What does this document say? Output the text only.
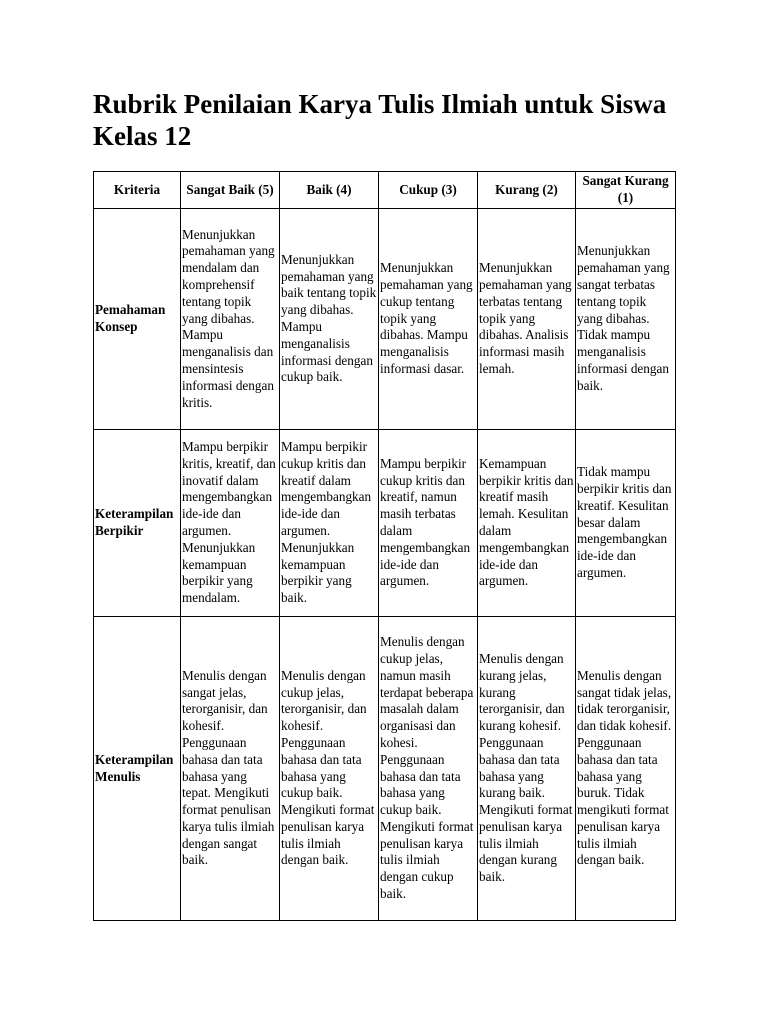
Rubrik Penilaian Karya Tulis Ilmiah untuk Siswa Kelas 12
Kriteria	Sangat Baik (5)	Baik (4)	Cukup (3)	Kurang (2)	Sangat Kurang (1)
Pemahaman Konsep	Menunjukkan pemahaman yang mendalam dan komprehensif tentang topik yang dibahas. Mampu menganalisis dan mensintesis informasi dengan kritis.	Menunjukkan pemahaman yang baik tentang topik yang dibahas. Mampu menganalisis informasi dengan cukup baik.	Menunjukkan pemahaman yang cukup tentang topik yang dibahas. Mampu menganalisis informasi dasar.	Menunjukkan pemahaman yang terbatas tentang topik yang dibahas. Analisis informasi masih lemah.	Menunjukkan pemahaman yang sangat terbatas tentang topik yang dibahas. Tidak mampu menganalisis informasi dengan baik.
Keterampilan Berpikir	Mampu berpikir kritis, kreatif, dan inovatif dalam mengembangkan ide-ide dan argumen. Menunjukkan kemampuan berpikir yang mendalam.	Mampu berpikir cukup kritis dan kreatif dalam mengembangkan ide-ide dan argumen. Menunjukkan kemampuan berpikir yang baik.	Mampu berpikir cukup kritis dan kreatif, namun masih terbatas dalam mengembangkan ide-ide dan argumen.	Kemampuan berpikir kritis dan kreatif masih lemah. Kesulitan dalam mengembangkan ide-ide dan argumen.	Tidak mampu berpikir kritis dan kreatif. Kesulitan besar dalam mengembangkan ide-ide dan argumen.
Keterampilan Menulis	Menulis dengan sangat jelas, terorganisir, dan kohesif. Penggunaan bahasa dan tata bahasa yang tepat. Mengikuti format penulisan karya tulis ilmiah dengan sangat baik.	Menulis dengan cukup jelas, terorganisir, dan kohesif. Penggunaan bahasa dan tata bahasa yang cukup baik. Mengikuti format penulisan karya tulis ilmiah dengan baik.	Menulis dengan cukup jelas, namun masih terdapat beberapa masalah dalam organisasi dan kohesi. Penggunaan bahasa dan tata bahasa yang cukup baik. Mengikuti format penulisan karya tulis ilmiah dengan cukup baik.	Menulis dengan kurang jelas, kurang terorganisir, dan kurang kohesif. Penggunaan bahasa dan tata bahasa yang kurang baik. Mengikuti format penulisan karya tulis ilmiah dengan kurang baik.	Menulis dengan sangat tidak jelas, tidak terorganisir, dan tidak kohesif. Penggunaan bahasa dan tata bahasa yang buruk. Tidak mengikuti format penulisan karya tulis ilmiah dengan baik.
